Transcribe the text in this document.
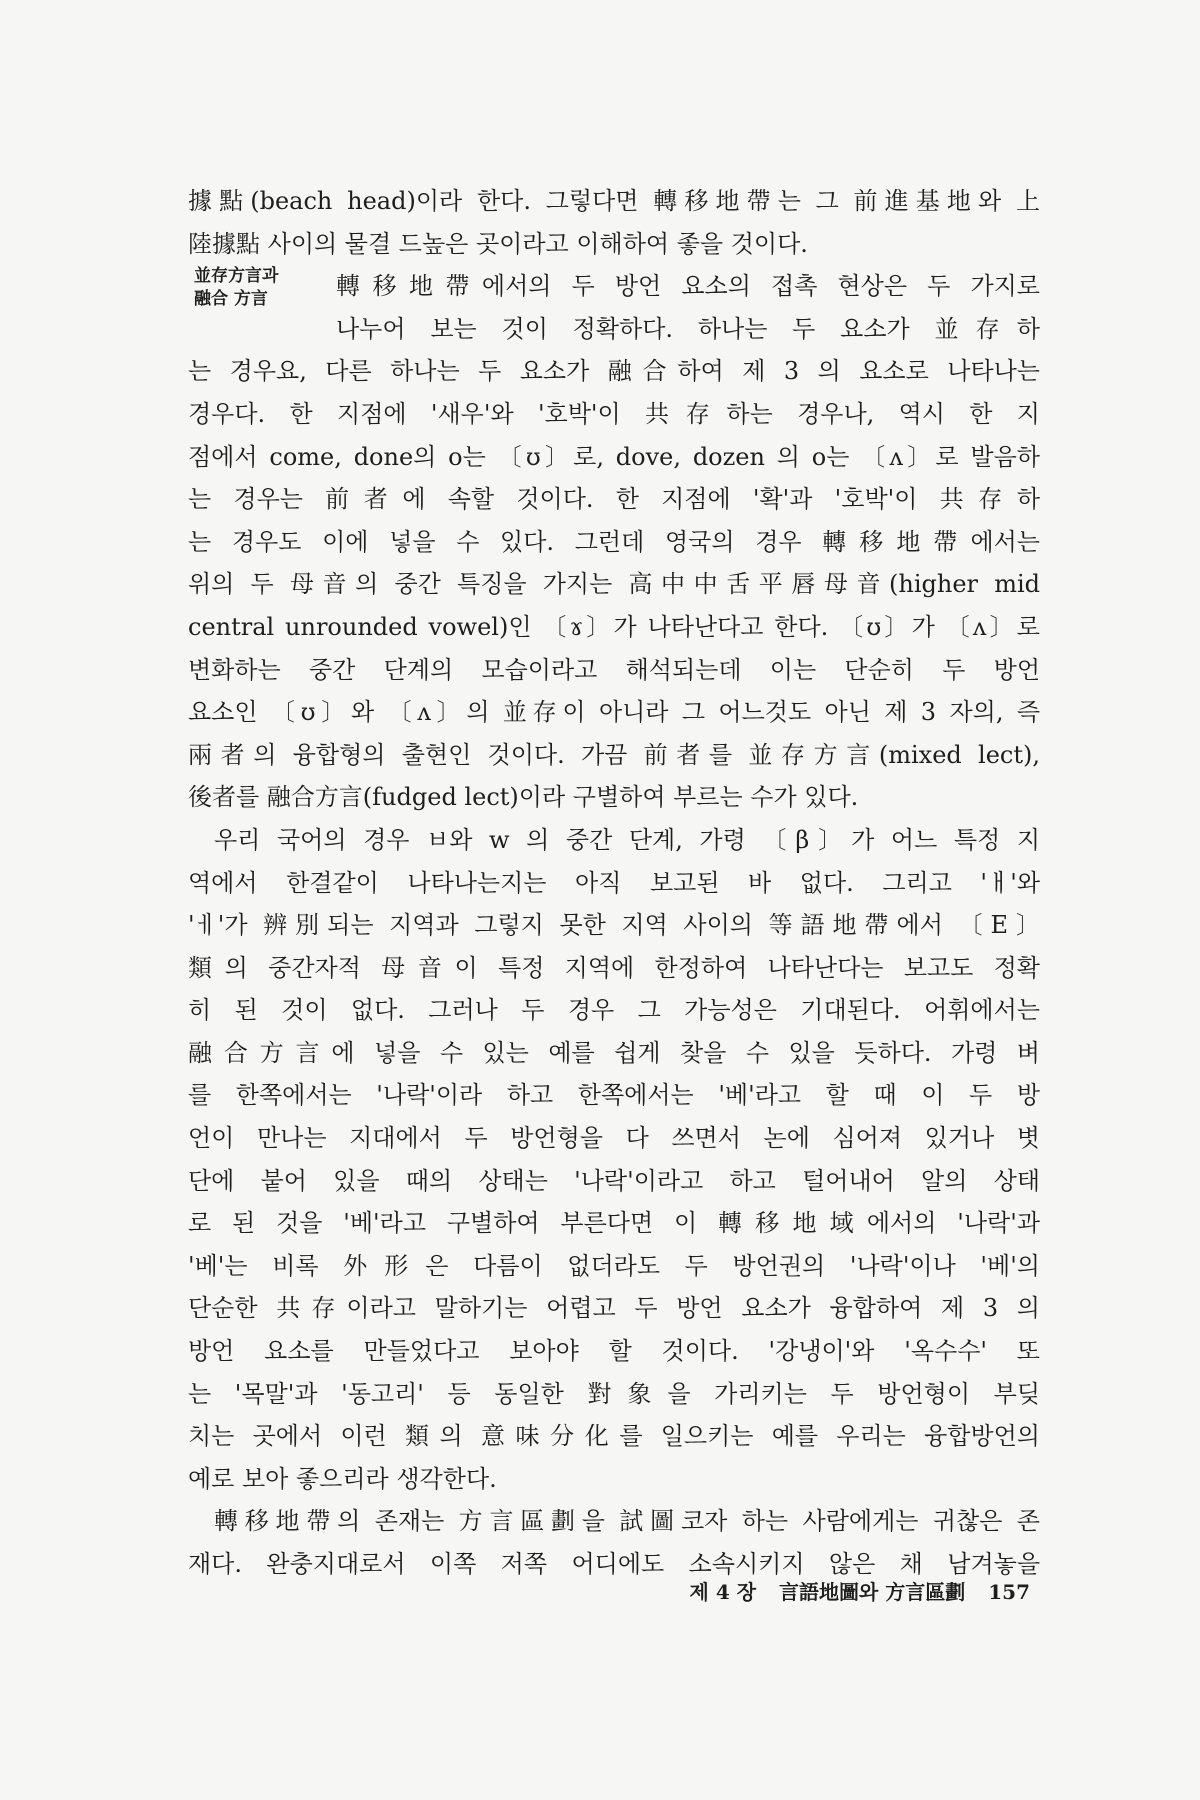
並存方言과
融合 方言
據點(beach head)이라 한다. 그렇다면 轉移地帶는 그 前進基地와 上
陸據點 사이의 물결 드높은 곳이라고 이해하여 좋을 것이다.
轉移地帶에서의 두 방언 요소의 접촉 현상은 두 가지로
나누어 보는 것이 정확하다. 하나는 두 요소가 並存하
는 경우요, 다른 하나는 두 요소가 融合하여 제 3 의 요소로 나타나는
경우다. 한 지점에 '새우'와 '호박'이 共存하는 경우나, 역시 한 지
점에서 come, done의 o는 〔ʊ〕로, dove, dozen 의 o는 〔ʌ〕로 발음하
는 경우는 前者에 속할 것이다. 한 지점에 '확'과 '호박'이 共存하
는 경우도 이에 넣을 수 있다. 그런데 영국의 경우 轉移地帶에서는
위의 두 母音의 중간 특징을 가지는 高中中舌平唇母音(higher mid
central unrounded vowel)인 〔ɤ〕가 나타난다고 한다. 〔ʊ〕가 〔ʌ〕로
변화하는 중간 단계의 모습이라고 해석되는데 이는 단순히 두 방언
요소인 〔ʊ〕와 〔ʌ〕의 並存이 아니라 그 어느것도 아닌 제 3 자의, 즉
兩者의 융합형의 출현인 것이다. 가끔 前者를 並存方言(mixed lect),
後者를 融合方言(fudged lect)이라 구별하여 부르는 수가 있다.
우리 국어의 경우 ㅂ와 w 의 중간 단계, 가령 〔β〕가 어느 특정 지
역에서 한결같이 나타나는지는 아직 보고된 바 없다. 그리고 'ㅐ'와
'ㅔ'가 辨別되는 지역과 그렇지 못한 지역 사이의 等語地帶에서 〔E〕
類의 중간자적 母音이 특정 지역에 한정하여 나타난다는 보고도 정확
히 된 것이 없다. 그러나 두 경우 그 가능성은 기대된다. 어휘에서는
融合方言에 넣을 수 있는 예를 쉽게 찾을 수 있을 듯하다. 가령 벼
를 한쪽에서는 '나락'이라 하고 한쪽에서는 '베'라고 할 때 이 두 방
언이 만나는 지대에서 두 방언형을 다 쓰면서 논에 심어져 있거나 볏
단에 붙어 있을 때의 상태는 '나락'이라고 하고 털어내어 알의 상태
로 된 것을 '베'라고 구별하여 부른다면 이 轉移地域에서의 '나락'과
'베'는 비록 外形은 다름이 없더라도 두 방언권의 '나락'이나 '베'의
단순한 共存이라고 말하기는 어렵고 두 방언 요소가 융합하여 제 3 의
방언 요소를 만들었다고 보아야 할 것이다. '강냉이'와 '옥수수' 또
는 '목말'과 '동고리' 등 동일한 對象을 가리키는 두 방언형이 부딪
치는 곳에서 이런 類의 意味分化를 일으키는 예를 우리는 융합방언의
예로 보아 좋으리라 생각한다.
轉移地帶의 존재는 方言區劃을 試圖코자 하는 사람에게는 귀찮은 존
재다. 완충지대로서 이쪽 저쪽 어디에도 소속시키지 않은 채 남겨놓을
제 4 장 言語地圖와 方言區劃 157
